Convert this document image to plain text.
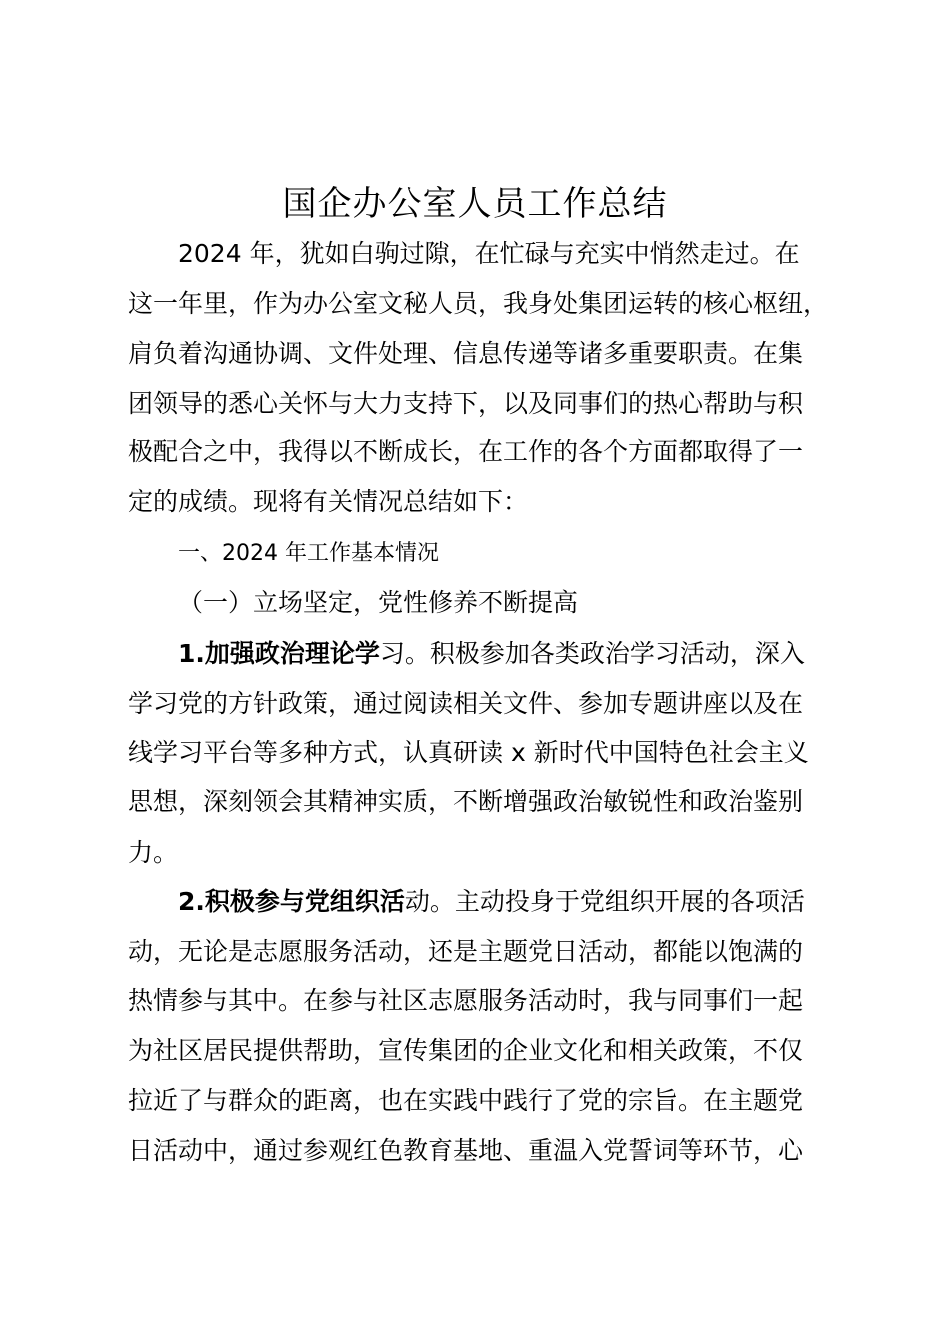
国企办公室人员工作总结
2024 年，犹如白驹过隙，在忙碌与充实中悄然走过。在
这一年里，作为办公室文秘人员，我身处集团运转的核心枢纽，
肩负着沟通协调、文件处理、信息传递等诸多重要职责。在集
团领导的悉心关怀与大力支持下，以及同事们的热心帮助与积
极配合之中，我得以不断成长，在工作的各个方面都取得了一
定的成绩。现将有关情况总结如下：
一、2024 年工作基本情况
（一）立场坚定，党性修养不断提高
1.加强政治理论学习。积极参加各类政治学习活动，深入
学习党的方针政策，通过阅读相关文件、参加专题讲座以及在
线学习平台等多种方式，认真研读 x 新时代中国特色社会主义
思想，深刻领会其精神实质，不断增强政治敏锐性和政治鉴别
力。
2.积极参与党组织活动。主动投身于党组织开展的各项活
动，无论是志愿服务活动，还是主题党日活动，都能以饱满的
热情参与其中。在参与社区志愿服务活动时，我与同事们一起
为社区居民提供帮助，宣传集团的企业文化和相关政策，不仅
拉近了与群众的距离，也在实践中践行了党的宗旨。在主题党
日活动中，通过参观红色教育基地、重温入党誓词等环节，心
